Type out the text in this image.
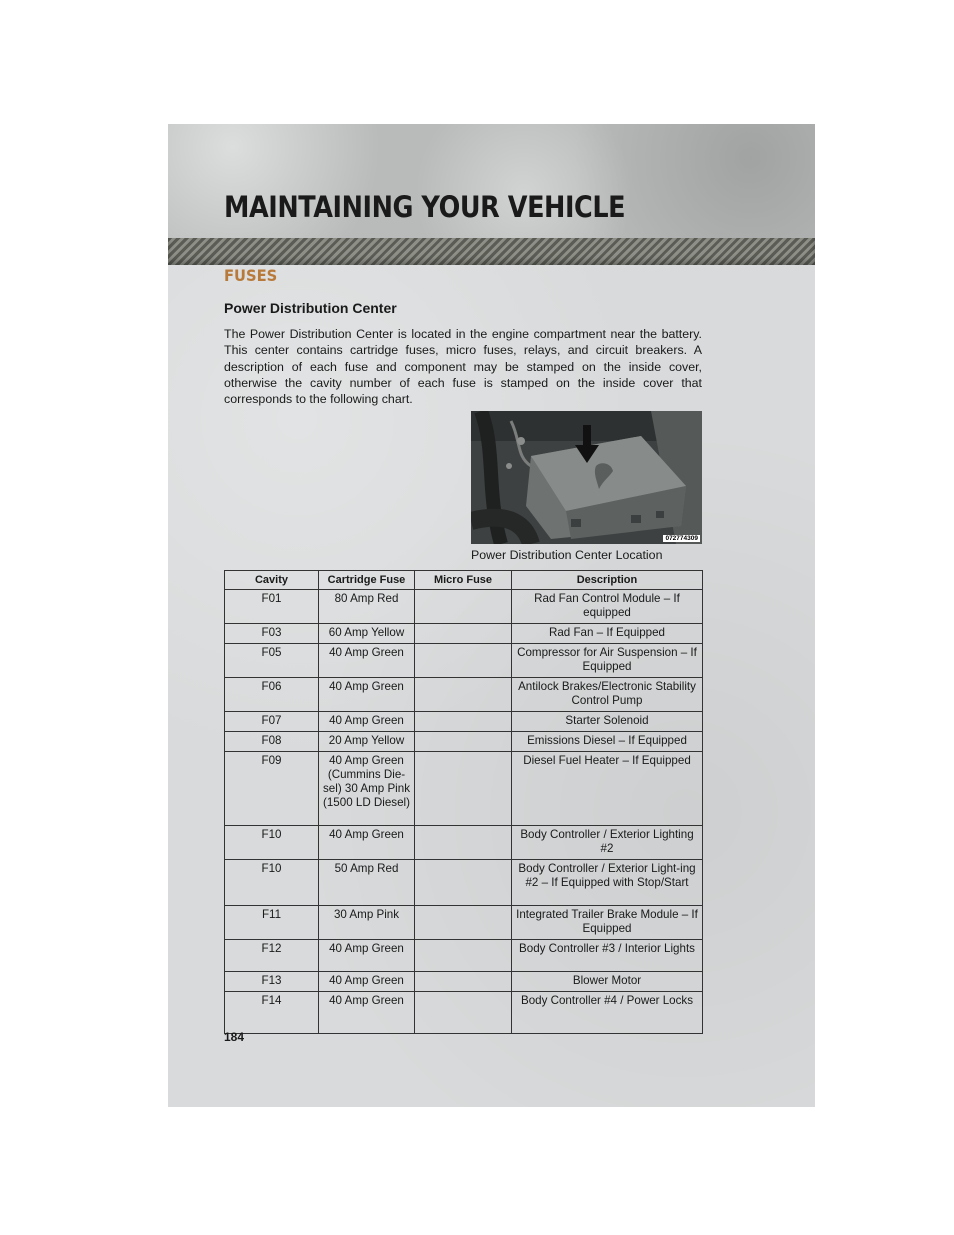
MAINTAINING YOUR VEHICLE
FUSES
Power Distribution Center

The Power Distribution Center is located in the engine compartment near the battery. This center contains cartridge fuses, micro fuses, relays, and circuit breakers. A description of each fuse and component may be stamped on the inside cover, otherwise the cavity number of each fuse is stamped on the inside cover that corresponds to the following chart.

072774309

Power Distribution Center Location

Cavity	Cartridge Fuse	Micro Fuse	Description
F01	80 Amp Red		Rad Fan Control Module – If equipped
F03	60 Amp Yellow		Rad Fan – If Equipped
F05	40 Amp Green		Compressor for Air Suspension – If Equipped
F06	40 Amp Green		Antilock Brakes/Electronic Stability Control Pump
F07	40 Amp Green		Starter Solenoid
F08	20 Amp Yellow		Emissions Diesel – If Equipped
F09	40 Amp Green (Cummins Die-sel) 30 Amp Pink (1500 LD Diesel)		Diesel Fuel Heater – If Equipped
F10	40 Amp Green		Body Controller / Exterior Lighting #2
F10	50 Amp Red		Body Controller / Exterior Light-ing #2 – If Equipped with Stop/Start
F11	30 Amp Pink		Integrated Trailer Brake Module – If Equipped
F12	40 Amp Green		Body Controller #3 / Interior Lights
F13	40 Amp Green		Blower Motor
F14	40 Amp Green		Body Controller #4 / Power Locks

184
